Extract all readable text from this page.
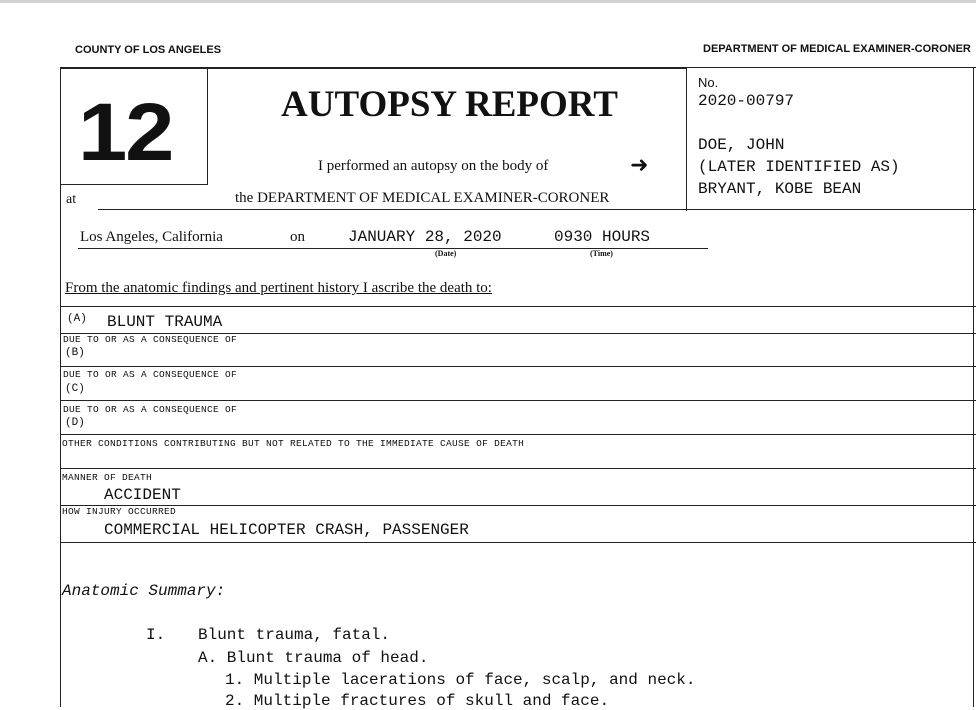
COUNTY OF LOS ANGELES	DEPARTMENT OF MEDICAL EXAMINER-CORONER
12	AUTOPSY REPORT
I performed an autopsy on the body of	➜
at	the DEPARTMENT OF MEDICAL EXAMINER-CORONER
No.
2020-00797
DOE, JOHN
(LATER IDENTIFIED AS)
BRYANT, KOBE BEAN
Los Angeles, California	on	JANUARY 28, 2020	0930 HOURS
(Date)	(Time)
From the anatomic findings and pertinent history I ascribe the death to:
(A) BLUNT TRAUMA
DUE TO OR AS A CONSEQUENCE OF
(B)
DUE TO OR AS A CONSEQUENCE OF
(C)
DUE TO OR AS A CONSEQUENCE OF
(D)
OTHER CONDITIONS CONTRIBUTING BUT NOT RELATED TO THE IMMEDIATE CAUSE OF DEATH
MANNER OF DEATH
ACCIDENT
HOW INJURY OCCURRED
COMMERCIAL HELICOPTER CRASH, PASSENGER
Anatomic Summary:
I. Blunt trauma, fatal.
A. Blunt trauma of head.
1. Multiple lacerations of face, scalp, and neck.
2. Multiple fractures of skull and face.
